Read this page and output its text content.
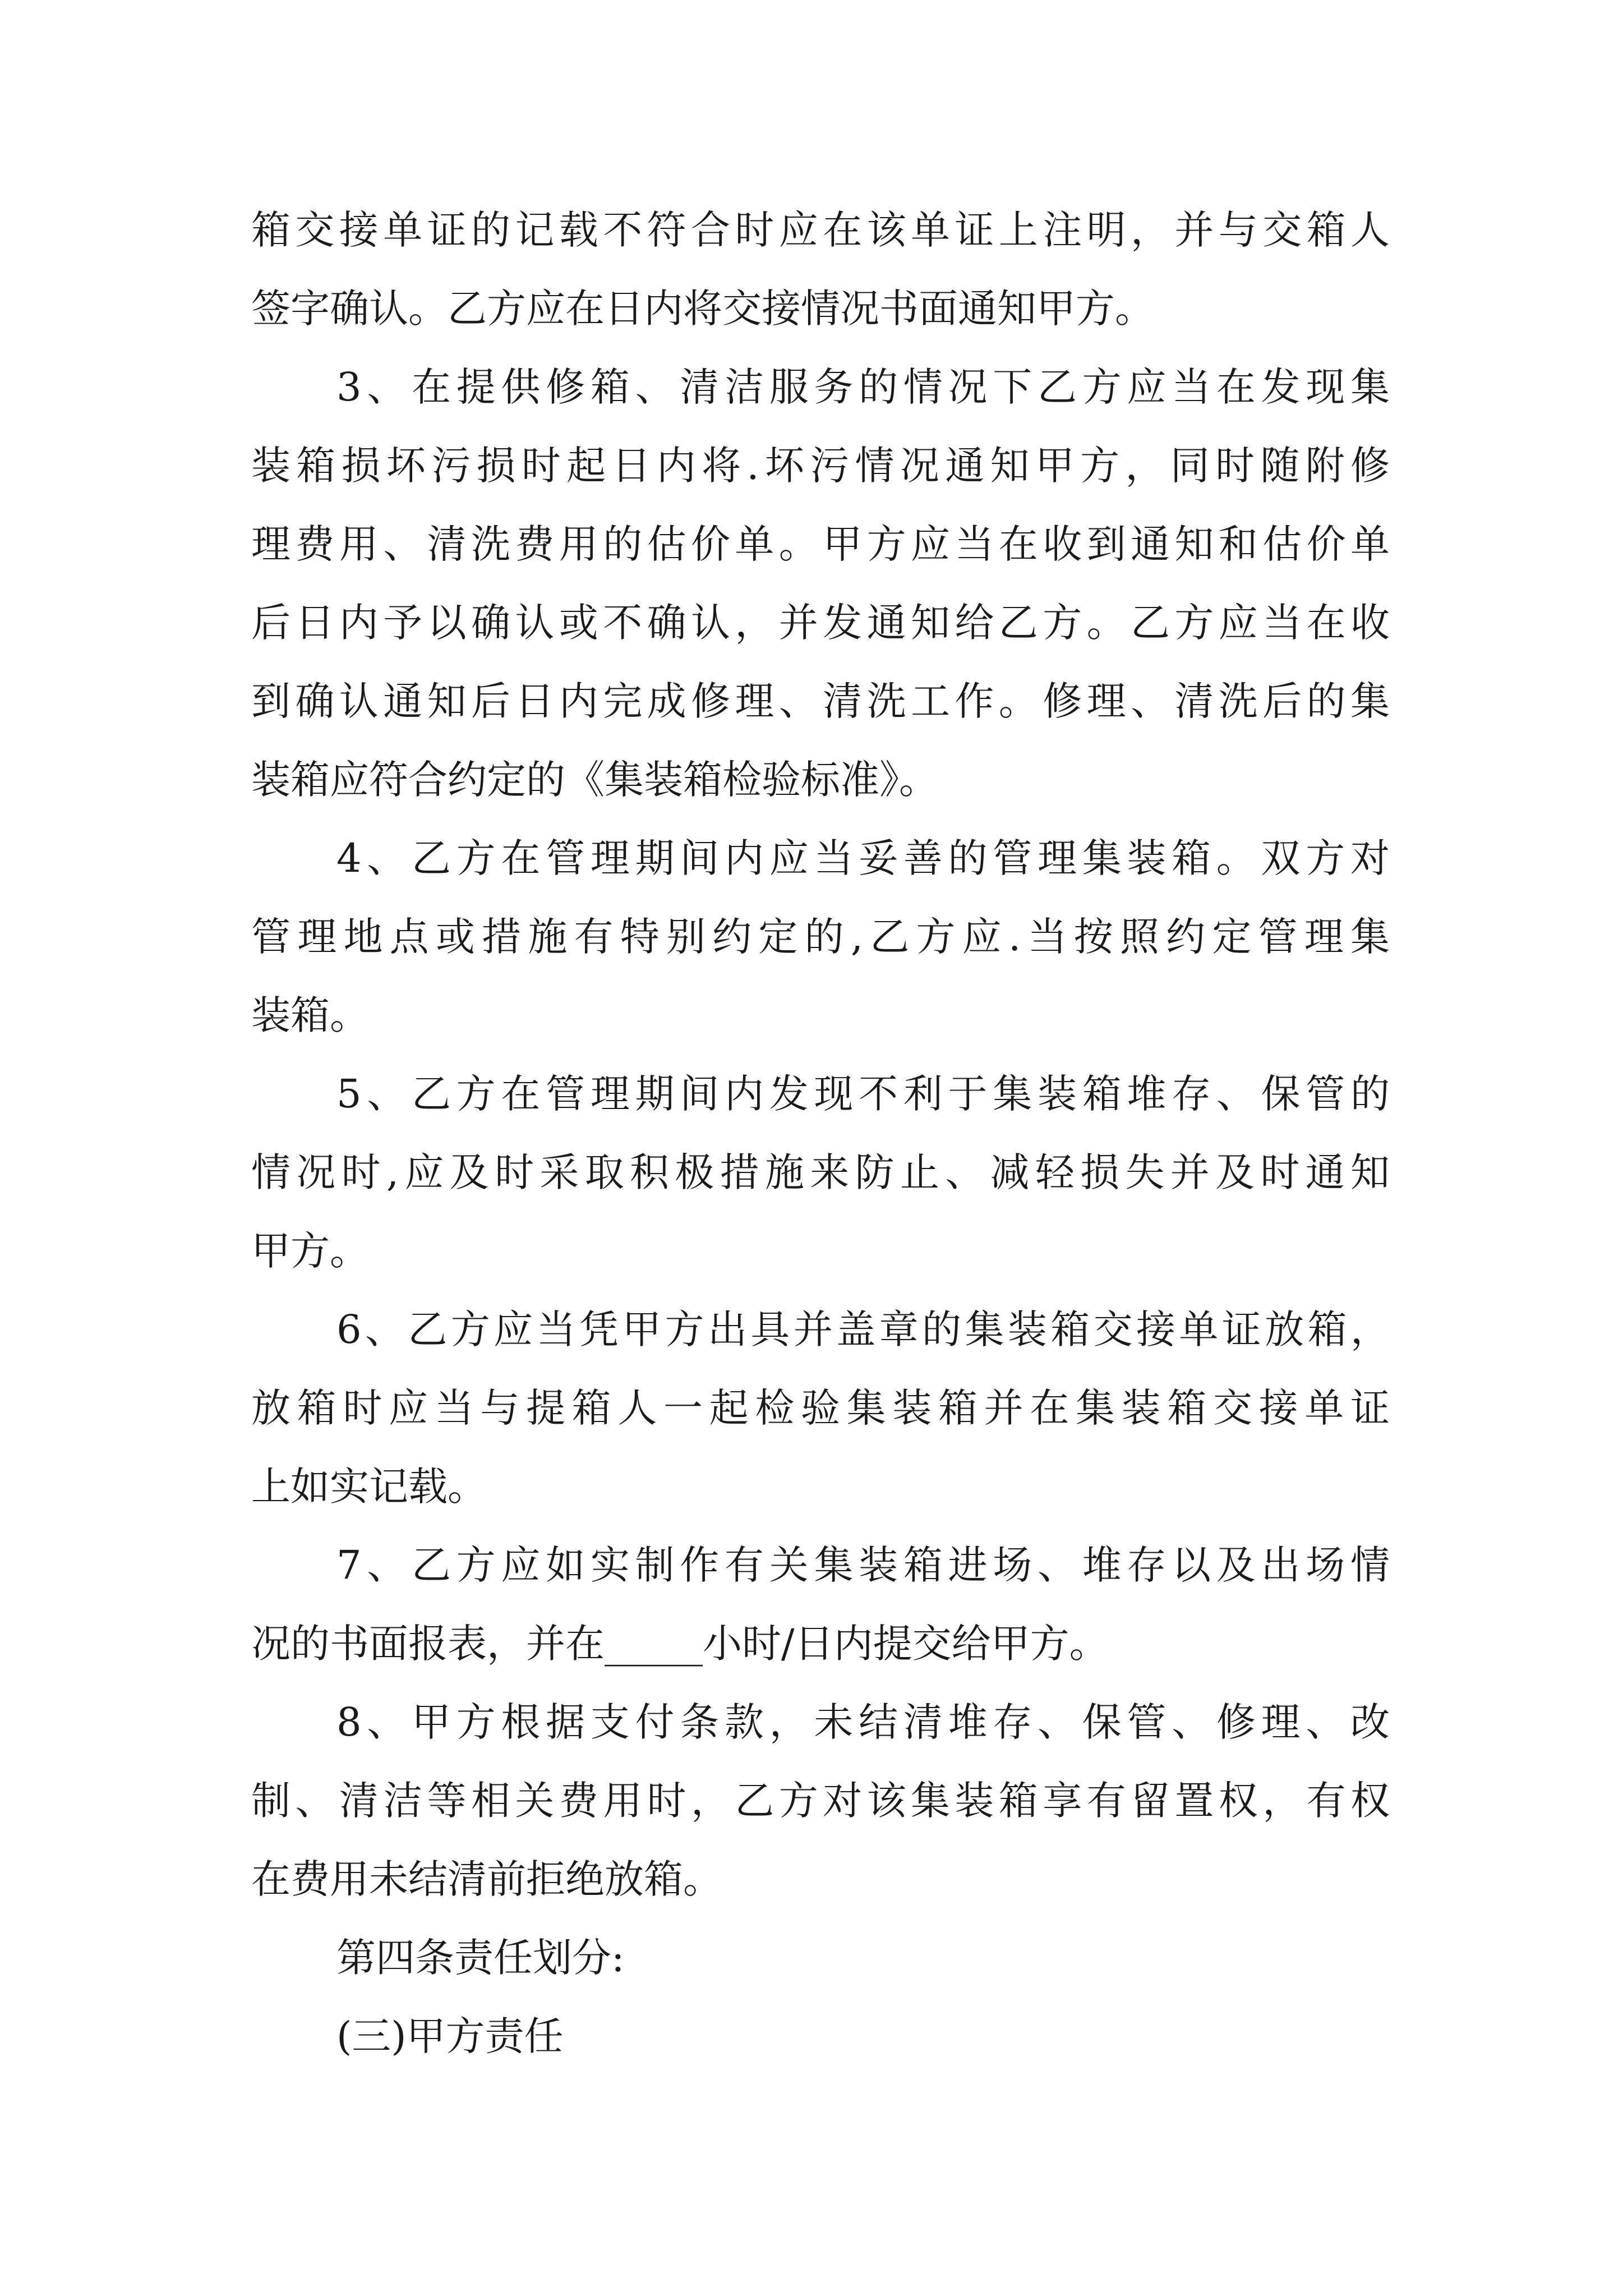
箱交接单证的记载不符合时应在该单证上注明，并与交箱人
签字确认。乙方应在日内将交接情况书面通知甲方。
3、在提供修箱、清洁服务的情况下乙方应当在发现集
装箱损坏污损时起日内将.坏污情况通知甲方，同时随附修
理费用、清洗费用的估价单。甲方应当在收到通知和估价单
后日内予以确认或不确认，并发通知给乙方。乙方应当在收
到确认通知后日内完成修理、清洗工作。修理、清洗后的集
装箱应符合约定的《集装箱检验标准》。
4、乙方在管理期间内应当妥善的管理集装箱。双方对
管理地点或措施有特别约定的,乙方应.当按照约定管理集
装箱。
5、乙方在管理期间内发现不利于集装箱堆存、保管的
情况时,应及时采取积极措施来防止、减轻损失并及时通知
甲方。
6、乙方应当凭甲方出具并盖章的集装箱交接单证放箱，
放箱时应当与提箱人一起检验集装箱并在集装箱交接单证
上如实记载。
7、乙方应如实制作有关集装箱进场、堆存以及出场情
况的书面报表，并在_____小时/日内提交给甲方。
8、甲方根据支付条款，未结清堆存、保管、修理、改
制、清洁等相关费用时，乙方对该集装箱享有留置权，有权
在费用未结清前拒绝放箱。
第四条责任划分:
(三)甲方责任
